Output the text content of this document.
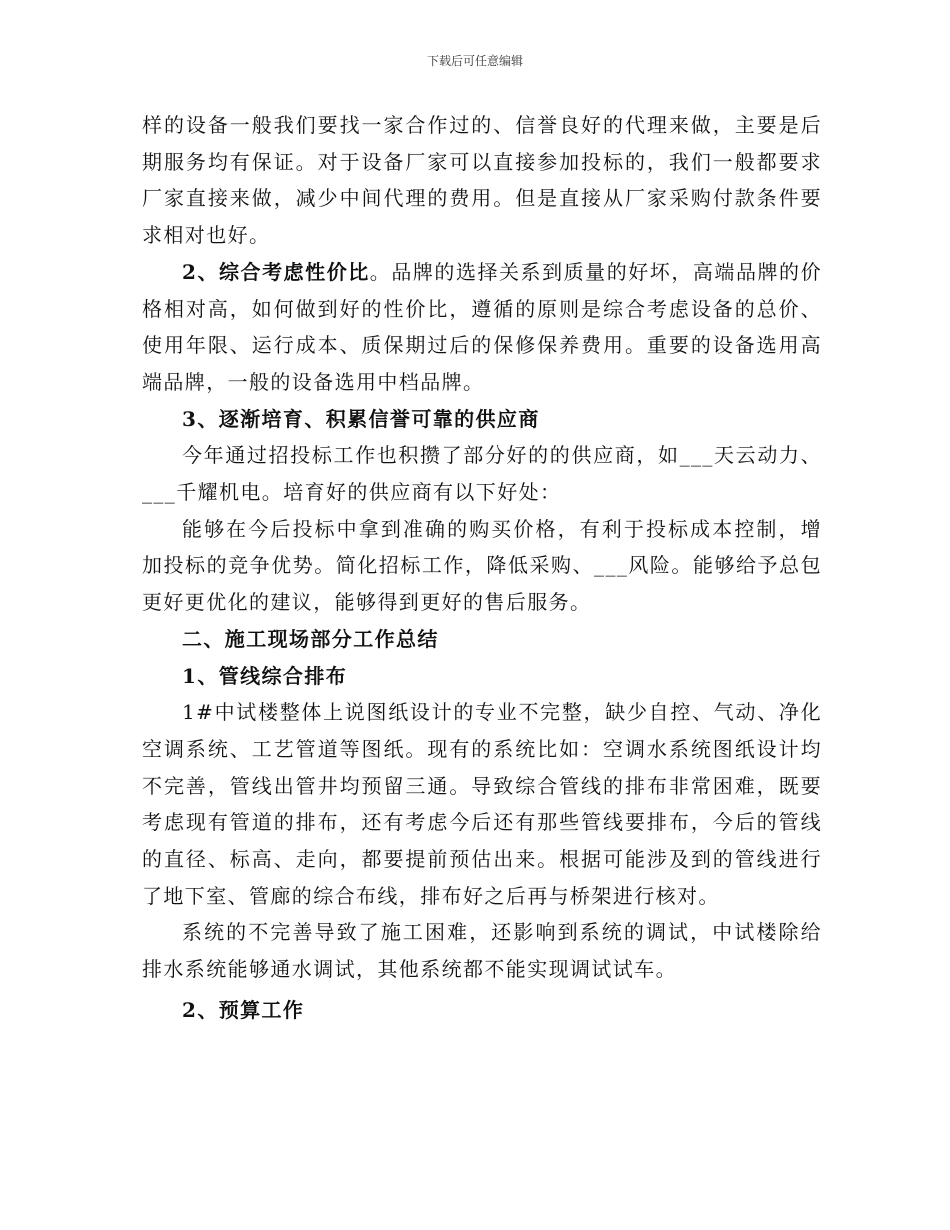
下载后可任意编辑

样的设备一般我们要找一家合作过的、信誉良好的代理来做，主要是后期服务均有保证。对于设备厂家可以直接参加投标的，我们一般都要求厂家直接来做，减少中间代理的费用。但是直接从厂家采购付款条件要求相对也好。

2、综合考虑性价比。品牌的选择关系到质量的好坏，高端品牌的价格相对高，如何做到好的性价比，遵循的原则是综合考虑设备的总价、使用年限、运行成本、质保期过后的保修保养费用。重要的设备选用高端品牌，一般的设备选用中档品牌。

3、逐渐培育、积累信誉可靠的供应商

今年通过招投标工作也积攒了部分好的的供应商，如___天云动力、___千耀机电。培育好的供应商有以下好处：

能够在今后投标中拿到准确的购买价格，有利于投标成本控制，增加投标的竞争优势。简化招标工作，降低采购、___风险。能够给予总包更好更优化的建议，能够得到更好的售后服务。

二、施工现场部分工作总结

1、管线综合排布

1#中试楼整体上说图纸设计的专业不完整，缺少自控、气动、净化空调系统、工艺管道等图纸。现有的系统比如：空调水系统图纸设计均不完善，管线出管井均预留三通。导致综合管线的排布非常困难，既要考虑现有管道的排布，还有考虑今后还有那些管线要排布，今后的管线的直径、标高、走向，都要提前预估出来。根据可能涉及到的管线进行了地下室、管廊的综合布线，排布好之后再与桥架进行核对。

系统的不完善导致了施工困难，还影响到系统的调试，中试楼除给排水系统能够通水调试，其他系统都不能实现调试试车。

2、预算工作
